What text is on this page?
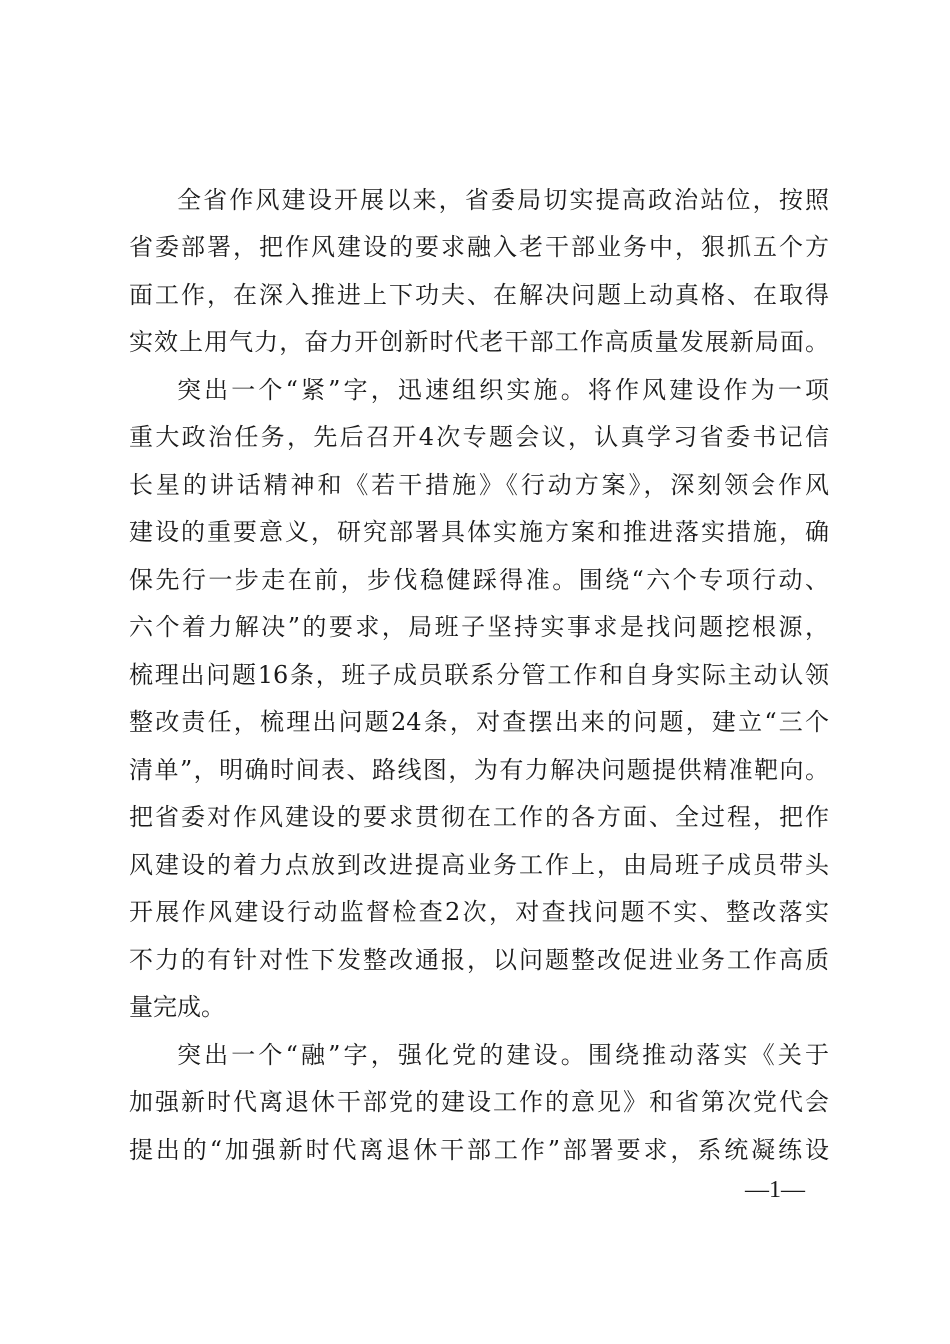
全省作风建设开展以来，省委局切实提高政治站位，按照
省委部署，把作风建设的要求融入老干部业务中，狠抓五个方
面工作，在深入推进上下功夫、在解决问题上动真格、在取得
实效上用气力，奋力开创新时代老干部工作高质量发展新局面。
突出一个“紧”字，迅速组织实施。将作风建设作为一项
重大政治任务，先后召开4次专题会议，认真学习省委书记信
长星的讲话精神和《若干措施》《行动方案》，深刻领会作风
建设的重要意义，研究部署具体实施方案和推进落实措施，确
保先行一步走在前，步伐稳健踩得准。围绕“六个专项行动、
六个着力解决”的要求，局班子坚持实事求是找问题挖根源，
梳理出问题16条，班子成员联系分管工作和自身实际主动认领
整改责任，梳理出问题24条，对查摆出来的问题，建立“三个
清单”，明确时间表、路线图，为有力解决问题提供精准靶向。
把省委对作风建设的要求贯彻在工作的各方面、全过程，把作
风建设的着力点放到改进提高业务工作上，由局班子成员带头
开展作风建设行动监督检查2次，对查找问题不实、整改落实
不力的有针对性下发整改通报，以问题整改促进业务工作高质
量完成。
突出一个“融”字，强化党的建设。围绕推动落实《关于
加强新时代离退休干部党的建设工作的意见》和省第次党代会
提出的“加强新时代离退休干部工作”部署要求，系统凝练设
—1—
